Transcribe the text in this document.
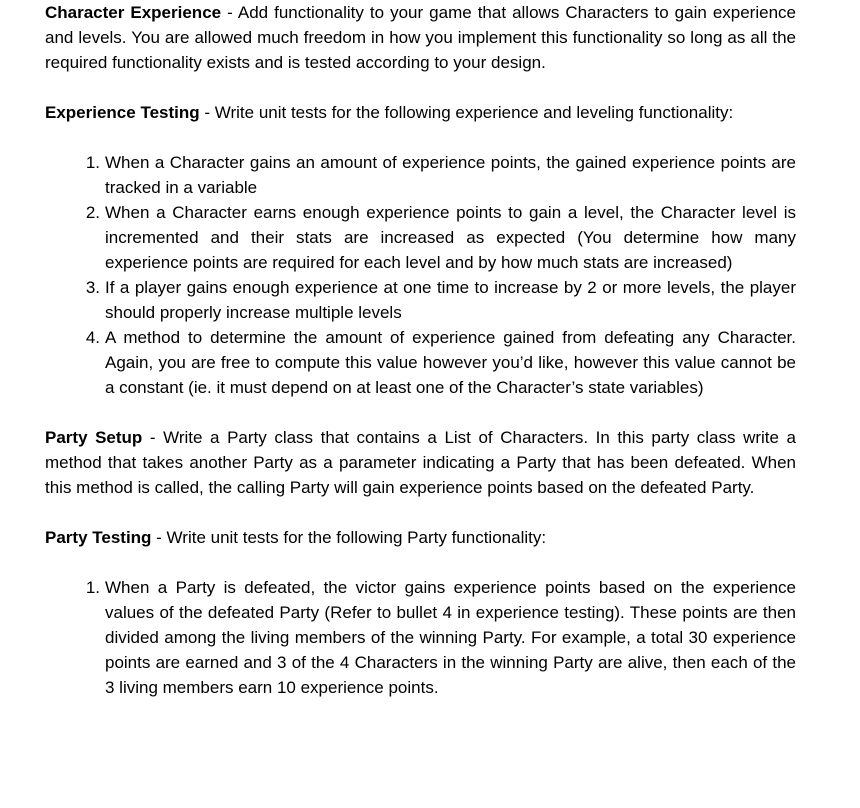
Character Experience - Add functionality to your game that allows Characters to gain experience and levels. You are allowed much freedom in how you implement this functionality so long as all the required functionality exists and is tested according to your design.

Experience Testing - Write unit tests for the following experience and leveling functionality:

1. When a Character gains an amount of experience points, the gained experience points are tracked in a variable
2. When a Character earns enough experience points to gain a level, the Character level is incremented and their stats are increased as expected (You determine how many experience points are required for each level and by how much stats are increased)
3. If a player gains enough experience at one time to increase by 2 or more levels, the player should properly increase multiple levels
4. A method to determine the amount of experience gained from defeating any Character. Again, you are free to compute this value however you’d like, however this value cannot be a constant (ie. it must depend on at least one of the Character’s state variables)

Party Setup - Write a Party class that contains a List of Characters. In this party class write a method that takes another Party as a parameter indicating a Party that has been defeated. When this method is called, the calling Party will gain experience points based on the defeated Party.

Party Testing - Write unit tests for the following Party functionality:

1. When a Party is defeated, the victor gains experience points based on the experience values of the defeated Party (Refer to bullet 4 in experience testing). These points are then divided among the living members of the winning Party. For example, a total 30 experience points are earned and 3 of the 4 Characters in the winning Party are alive, then each of the 3 living members earn 10 experience points.
